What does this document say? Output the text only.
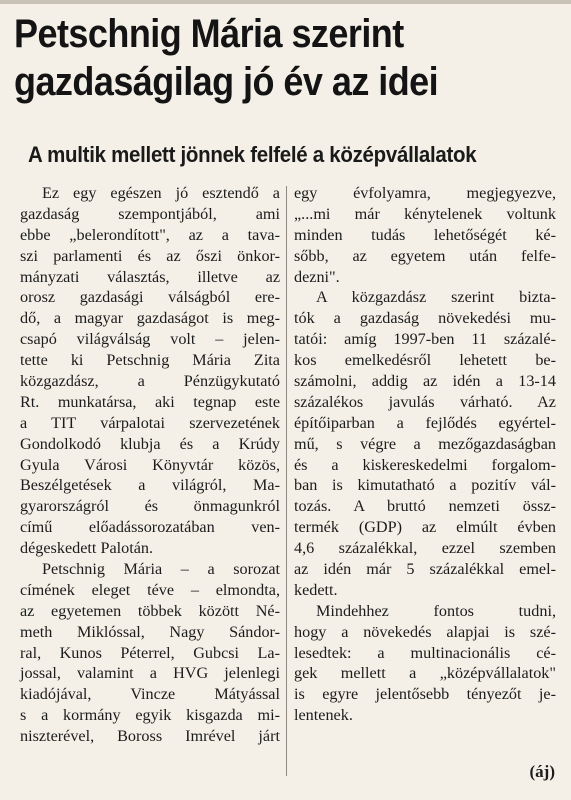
Petschnig Mária szerint
gazdaságilag jó év az idei
A multik mellett jönnek felfelé a középvállalatok
Ez egy egészen jó esztendő a
gazdaság szempontjából, ami
ebbe „belerondított", az a tava-
szi parlamenti és az őszi önkor-
mányzati választás, illetve az
orosz gazdasági válságból ere-
dő, a magyar gazdaságot is meg-
csapó világválság volt – jelen-
tette ki Petschnig Mária Zita
közgazdász, a Pénzügykutató
Rt. munkatársa, aki tegnap este
a TIT várpalotai szervezetének
Gondolkodó klubja és a Krúdy
Gyula Városi Könyvtár közös,
Beszélgetések a világról, Ma-
gyarországról és önmagunkról
című előadássorozatában ven-
dégeskedett Palotán.
Petschnig Mária – a sorozat
címének eleget téve – elmondta,
az egyetemen többek között Né-
meth Miklóssal, Nagy Sándor-
ral, Kunos Péterrel, Gubcsi La-
jossal, valamint a HVG jelenlegi
kiadójával, Vincze Mátyással
s a kormány egyik kisgazda mi-
niszterével, Boross Imrével járt
egy évfolyamra, megjegyezve,
„...mi már kénytelenek voltunk
minden tudás lehetőségét ké-
sőbb, az egyetem után felfe-
dezni".
A közgazdász szerint biztа-
tók a gazdaság növekedési mu-
tatói: amíg 1997-ben 11 százalé-
kos emelkedésről lehetett be-
számolni, addig az idén a 13-14
százalékos javulás várható. Az
építőiparban a fejlődés egyértel-
mű, s végre a mezőgazdaságban
és a kiskereskedelmi forgalom-
ban is kimutatható a pozitív vál-
tozás. A bruttó nemzeti össz-
termék (GDP) az elmúlt évben
4,6 százalékkal, ezzel szemben
az idén már 5 százalékkal emel-
kedett.
Mindehhez fontos tudni,
hogy a növekedés alapjai is szé-
lesedtek: a multinacionális cé-
gek mellett a „középvállalatok"
is egyre jelentősebb tényezőt je-
lentenek.
(áj)
